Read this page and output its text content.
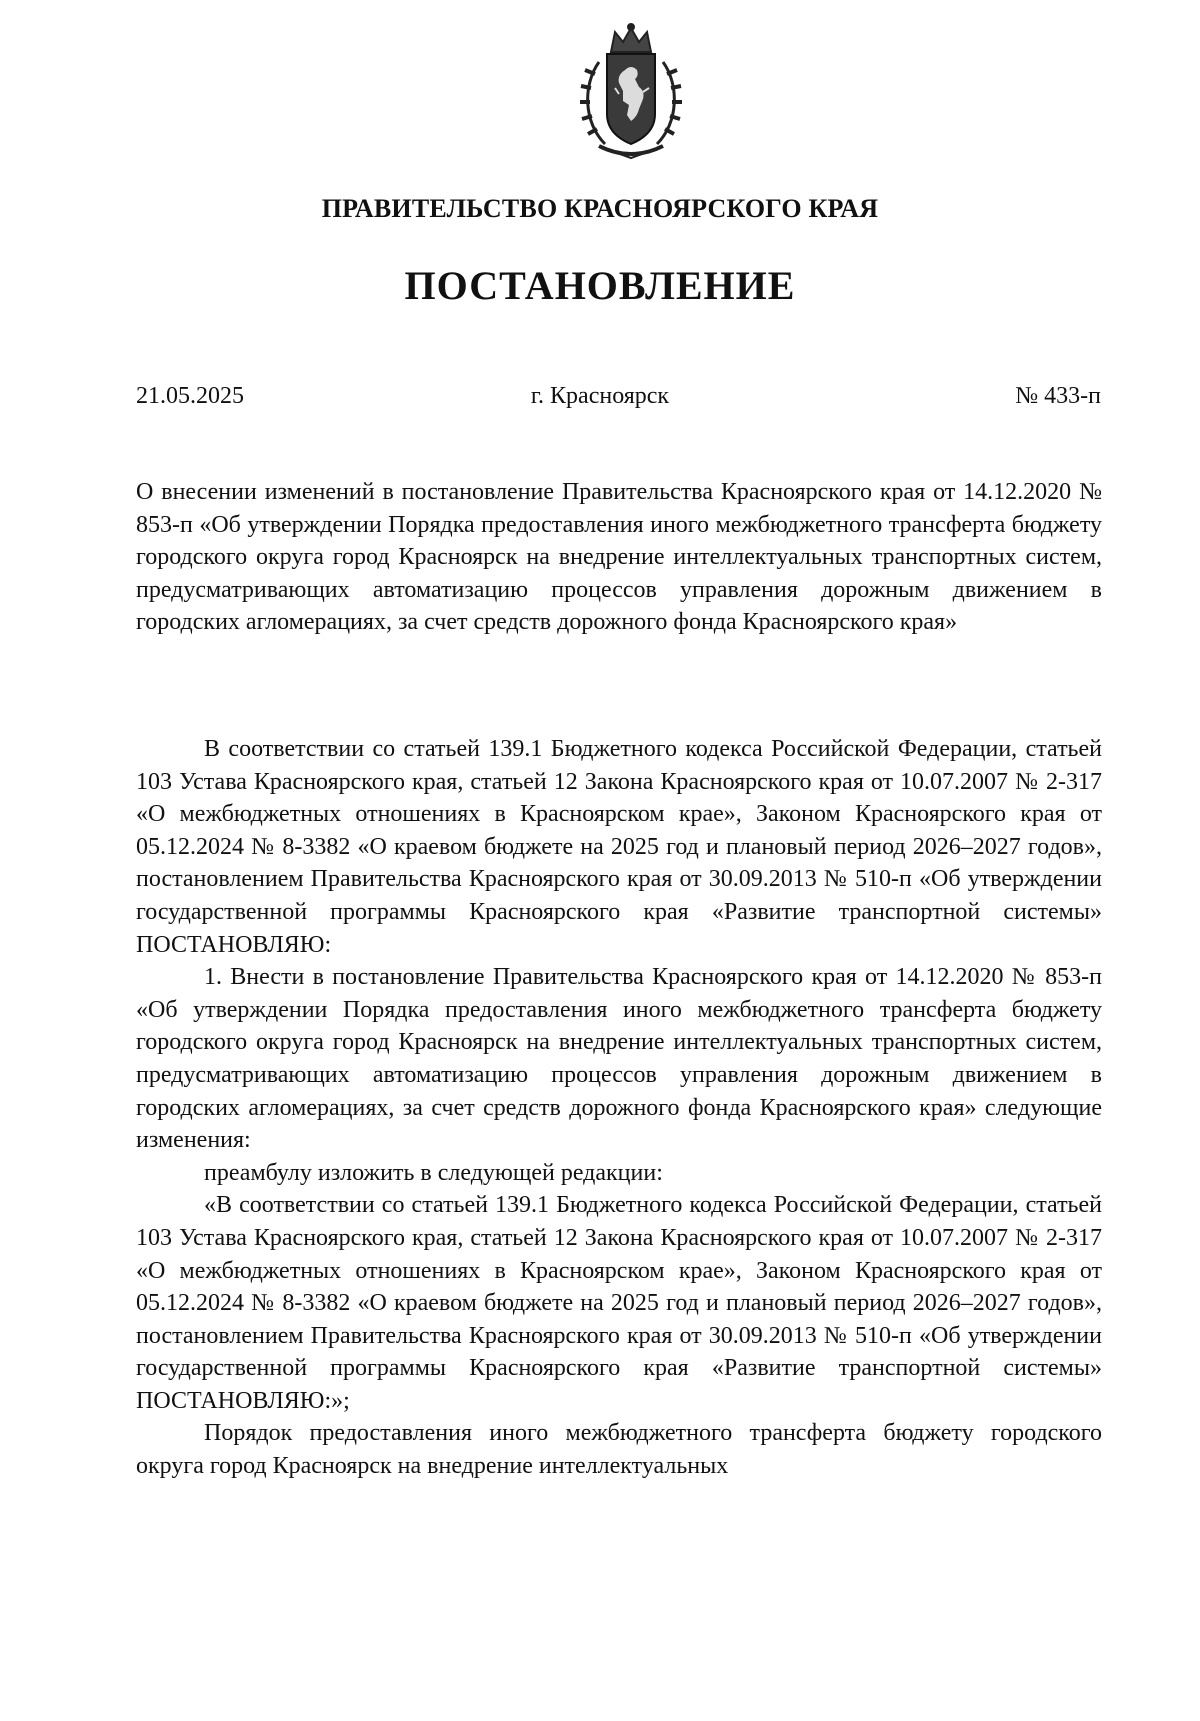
ПРАВИТЕЛЬСТВО КРАСНОЯРСКОГО КРАЯ
ПОСТАНОВЛЕНИЕ
21.05.2025	г. Красноярск	№ 433-п
О внесении изменений в постановление Правительства Красноярского края от 14.12.2020 № 853-п «Об утверждении Порядка предоставления иного межбюджетного трансферта бюджету городского округа город Красноярск на внедрение интеллектуальных транспортных систем, предусматривающих автоматизацию процессов управления дорожным движением в городских агломерациях, за счет средств дорожного фонда Красноярского края»

В соответствии со статьей 139.1 Бюджетного кодекса Российской Федерации, статьей 103 Устава Красноярского края, статьей 12 Закона Красноярского края от 10.07.2007 № 2-317 «О межбюджетных отношениях в Красноярском крае», Законом Красноярского края от 05.12.2024 № 8-3382 «О краевом бюджете на 2025 год и плановый период 2026–2027 годов», постановлением Правительства Красноярского края от 30.09.2013 № 510-п «Об утверждении государственной программы Красноярского края «Развитие транспортной системы» ПОСТАНОВЛЯЮ:

1. Внести в постановление Правительства Красноярского края от 14.12.2020 № 853-п «Об утверждении Порядка предоставления иного межбюджетного трансферта бюджету городского округа город Красноярск на внедрение интеллектуальных транспортных систем, предусматривающих автоматизацию процессов управления дорожным движением в городских агломерациях, за счет средств дорожного фонда Красноярского края» следующие изменения:

преамбулу изложить в следующей редакции:

«В соответствии со статьей 139.1 Бюджетного кодекса Российской Федерации, статьей 103 Устава Красноярского края, статьей 12 Закона Красноярского края от 10.07.2007 № 2-317 «О межбюджетных отношениях в Красноярском крае», Законом Красноярского края от 05.12.2024 № 8-3382 «О краевом бюджете на 2025 год и плановый период 2026–2027 годов», постановлением Правительства Красноярского края от 30.09.2013 № 510-п «Об утверждении государственной программы Красноярского края «Развитие транспортной системы» ПОСТАНОВЛЯЮ:»;

Порядок предоставления иного межбюджетного трансферта бюджету городского округа город Красноярск на внедрение интеллектуальных
